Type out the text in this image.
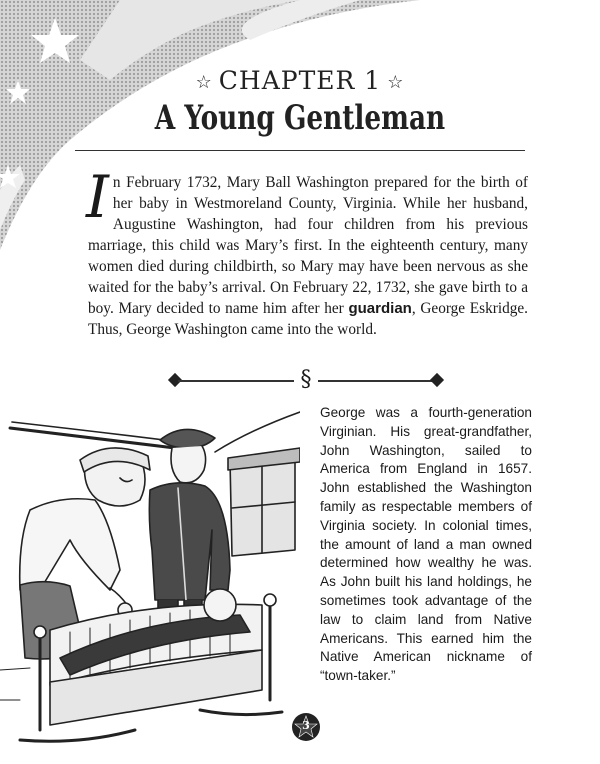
☆ CHAPTER 1 ☆
A Young Gentleman
In February 1732, Mary Ball Washington prepared for the birth of her baby in Westmoreland County, Virginia. While her husband, Augustine Washington, had four children from his previous marriage, this child was Mary’s first. In the eighteenth century, many women died during childbirth, so Mary may have been nervous as she waited for the baby’s arrival. On February 22, 1732, she gave birth to a boy. Mary decided to name him after her guardian, George Eskridge. Thus, George Washington came into the world.
§
George was a fourth-generation Virginian. His great-grandfather, John Washington, sailed to America from England in 1657. John established the Washington family as respectable members of Virginia society. In colonial times, the amount of land a man owned determined how wealthy he was. As John built his land holdings, he sometimes took advantage of the law to claim land from Native Americans. This earned him the Native American nickname of “town-taker.”
3
